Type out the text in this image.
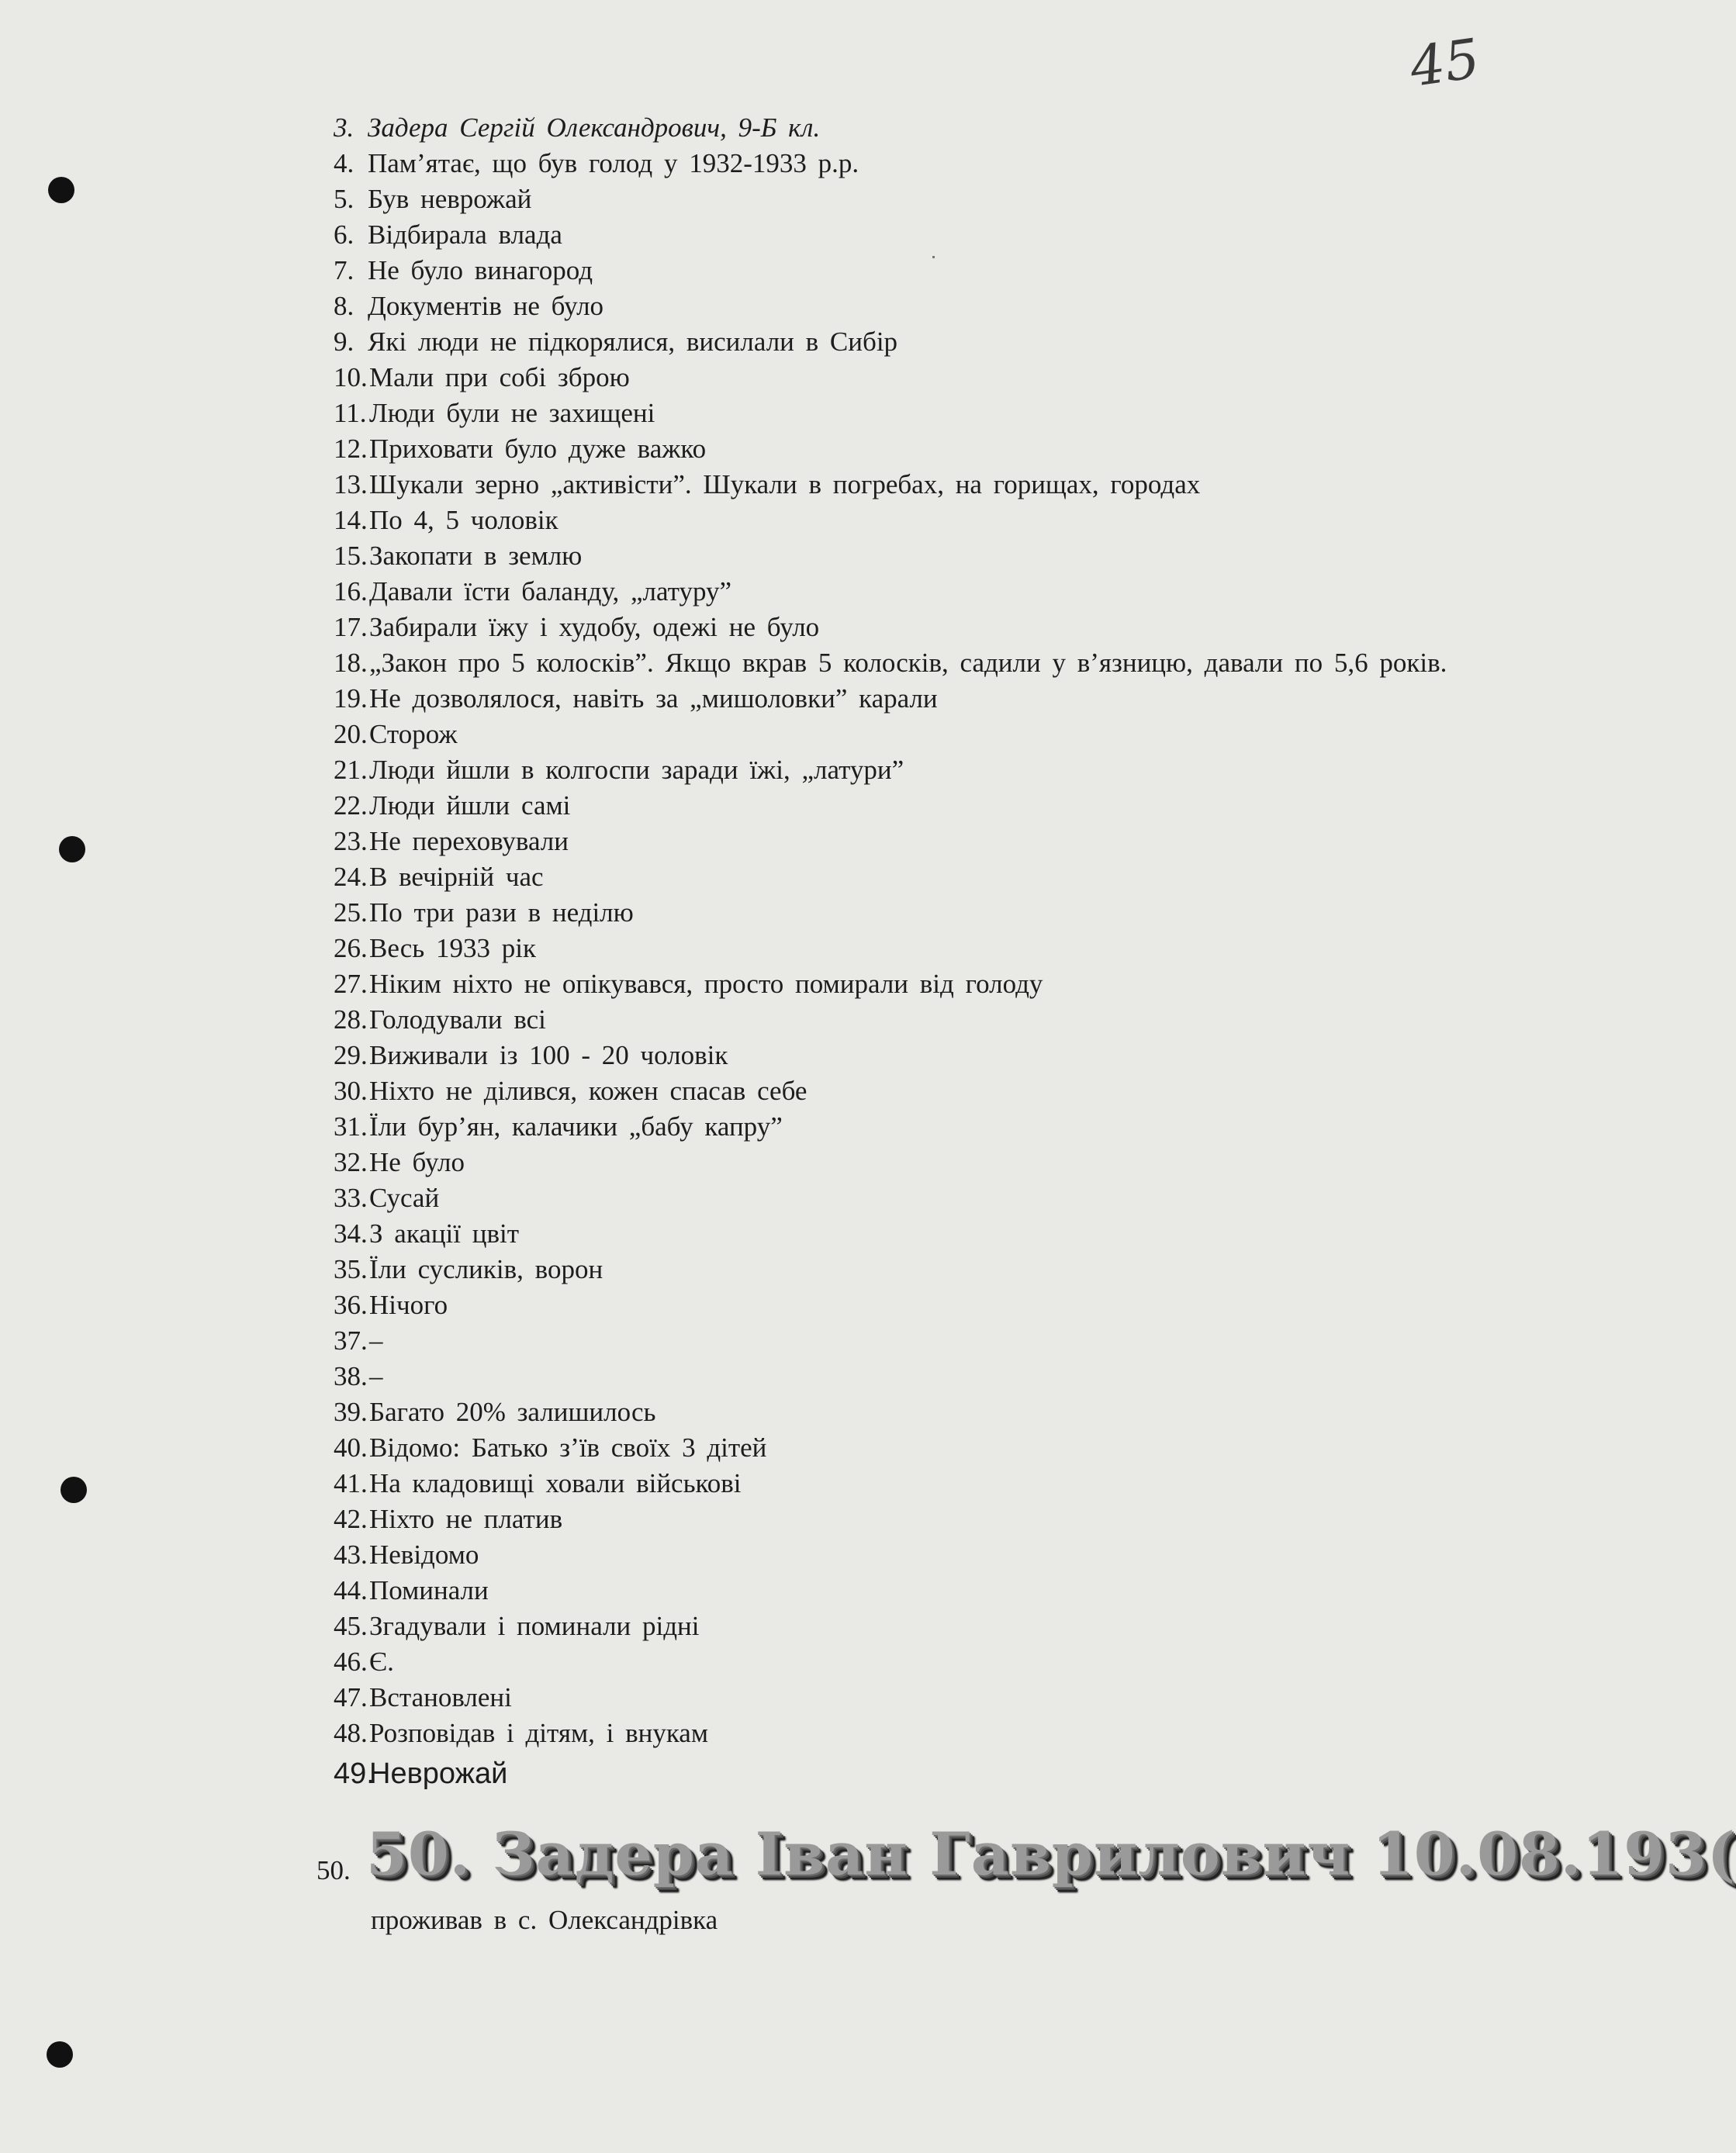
45
3. Задера Сергій Олександрович, 9-Б кл.
4. Пам’ятає, що був голод у 1932-1933 р.р.
5. Був неврожай
6. Відбирала влада
7. Не було винагород
8. Документів не було
9. Які люди не підкорялися, висилали в Сибір
10. Мали при собі зброю
11. Люди були не захищені
12. Приховати було дуже важко
13. Шукали зерно „активісти”. Шукали в погребах, на горищах, городах
14. По 4, 5 чоловік
15. Закопати в землю
16. Давали їсти баланду, „латуру”
17. Забирали їжу і худобу, одежі не було
18. „Закон про 5 колосків”. Якщо вкрав 5 колосків, садили у в’язницю, давали по 5,6 років.
19. Не дозволялося, навіть за „мишоловки” карали
20. Сторож
21. Люди йшли в колгоспи заради їжі, „латури”
22. Люди йшли самі
23. Не переховували
24. В вечірній час
25. По три рази в неділю
26. Весь 1933 рік
27. Ніким ніхто не опікувався, просто помирали від голоду
28. Голодували всі
29. Виживали із 100 - 20 чоловік
30. Ніхто не ділився, кожен спасав себе
31. Їли бур’ян, калачики „бабу капру”
32. Не було
33. Сусай
34. З акації цвіт
35. Їли сусликів, ворон
36. Нічого
37. –
38. –
39. Багато 20% залишилось
40. Відомо: Батько з’їв своїх 3 дітей
41. На кладовищі ховали військові
42. Ніхто не платив
43. Невідомо
44. Поминали
45. Згадували і поминали рідні
46. Є.
47. Встановлені
48. Розповідав і дітям, і внукам
49.
Неврожай
50. 50. Задера Іван Гаврилович 10.08.193(
проживав в с. Олександрівка
